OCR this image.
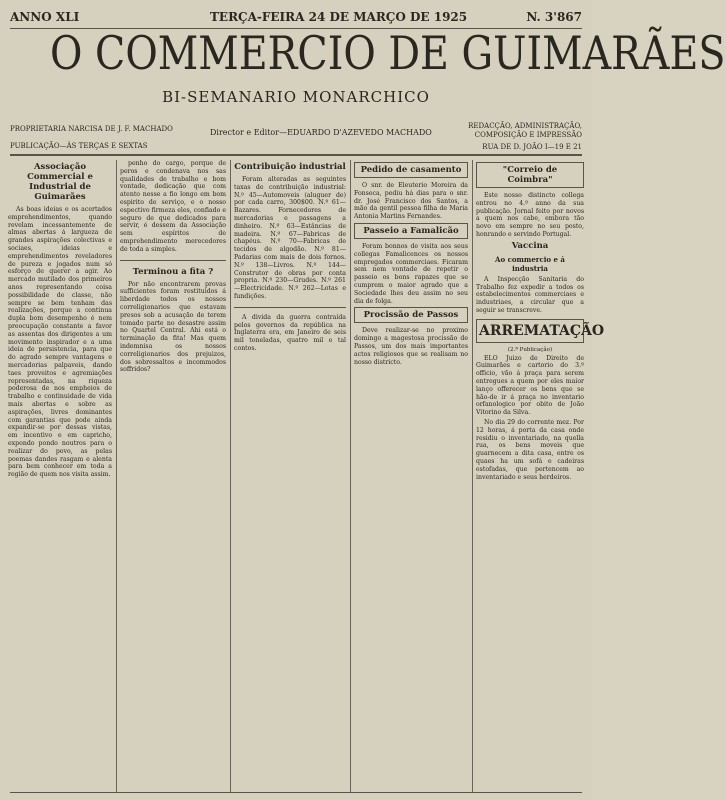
ANNO XLI	TERÇA-FEIRA 24 DE MARÇO DE 1925	N. 3'867
O COMMERCIO DE GUIMARÃES
BI-SEMANARIO MONARCHICO
PROPRIETARIA NARCISA DE J. F. MACHADO
PUBLICAÇÃO—ÀS TERÇAS E SEXTAS
Director e Editor—EDUARDO D'AZEVEDO MACHADO
REDACÇÃO, ADMINISTRAÇÃO, COMPOSIÇÃO E IMPRESSÃO
RUA DE D. JOÃO I—19 E 21
Associação Commercial e Industrial de Guimarães

As boas ideias e os acertados emprehendimentos, quando revelam incessantemente de almas abertas á largueza de grandes aspirações colectivas e sociaes, ideias e emprehendimentos reveladores de pureza e jogados num só esforço de querer a agir. Ao mercado mutilado dos primeiros anos representando coisa possibilidade de classe, não sempre se bem tenham das realizações, porque a continua dupla bom desempenho é nem preocupação constante a favor as assentas dos dirigentes a um movimento inspirador e a uma ideia de persistencia, para que do agrado sempre vantagens e mercadorias palpaveis, dando taes proveitos e agremiações representadas, na riqueza poderosa de nos empheios de trabalho e continuidade de vida mais abertas e sobre as aspirações, livres dominantes com garantias que pode ainda expandir-se por dessas vistas, em incentivo e em capricho, expondo pondo noutros para o realizar do povo, as pelas poemas dandes rasgam e alenta para bem conhecer em toda a região de quem nos visita assim.

penho do cargo, porque de peros e condenava nos sas qualidades de trabalho e bom vontade, dedicação que com atento nesse a fio longo em bom espirito de serviço, e o nosso espectivo firmeza eles, confiado e seguro de que dedicados para servir, é dessem da Associação sem espíritos de emprehendimento merecedores de toda a simples.

Terminou a fita ?

Por não encontrarem provas sufficientes foram restituidos á liberdade todos os nossos correligionarios que estavam presos sob a acusação de terem tomado parte no desastre assim no Quartel Central. Ahi está o terminação da fita! Mas quem indemnisa os nossos correligionarios dos prejuizos, dos sobressaltos e incommodos soffridos?

Contribuição industrial

Foram alteradas as seguintes taxas de contribuição industrial: N.º 45—Automoveis (aluguer de) por cada carro, 300$00. N.º 61—Bazares. Fornecedores de mercadorias e passagens a dinheiro. N.º 63—Estâncias de madeira. N.º 67—Fabricas de chapéus. N.º 70—Fabricas de tecidos de algodão. N.º 81—Padarias com mais de dois fornos. N.º 138—Livros. N.º 144—Construtor de obras por conta propria. N.º 230—Grudes. N.º 261—Electricidade. N.º 262—Lotas e fundições.

A divida da guerra contraída pelos governos da república na Inglaterra era, em Janeiro de seis mil toneladas, quatro mil e tal contos.

Pedido de casamento

O snr. de Eleuterio Moreira da Fonseca, pediu há dias para o snr. dr. José Francisco dos Santos, a mão da gentil pessoa filha de Maria Antonia Martins Fernandes.

Passeio a Famalicão

Foram bonnos de visita aos seus collegas Famalicences os nossos empregados commerciaes. Ficaram sem nem vontade de repetir o passeio os bons rapazes que se cumprem o maior agrado que a Sociedade lhes deu assim no seu dia de folga.

Procissão de Passos

Deve realizar-se no proximo domingo a magestosa procissão de Passos, um dos mais importantes actos religiosos que se realisam no nosso districto.

"Correio de Coimbra"

Este nosso distincto collega entrou no 4.º anno da sua publicação. Jornal feito por novos a quem nos cabe, embora tão novo em sempre no seu posto, honrando e servindo Portugal.

Vaccina
Ao commercio e á industria

A Inspecção Sanitaria do Trabalho fez expedir a todos os estabelecimentos commerciaes e industriaes, a circular que a seguir se transcreve.

ARREMATAÇÃO
(2.ª Publicação)

ELO Juizo de Direito de Guimarães e cartorio do 3.º officio, vão á praça para serem entregues a quem por eles maior lanço offerecer os bens que se hão-de ir á praça no inventario orfanologico por obito de João Vitorino da Silva.

No dia 29 do corrente mez. Por 12 horas, á porta da casa onde residiu o inventariado, na quella rua, os bens moveis que guarnecem a dita casa, entre os quaes ha um sofá e cadeiras estofadas, que pertencem ao inventariado e seus herdeiros.
